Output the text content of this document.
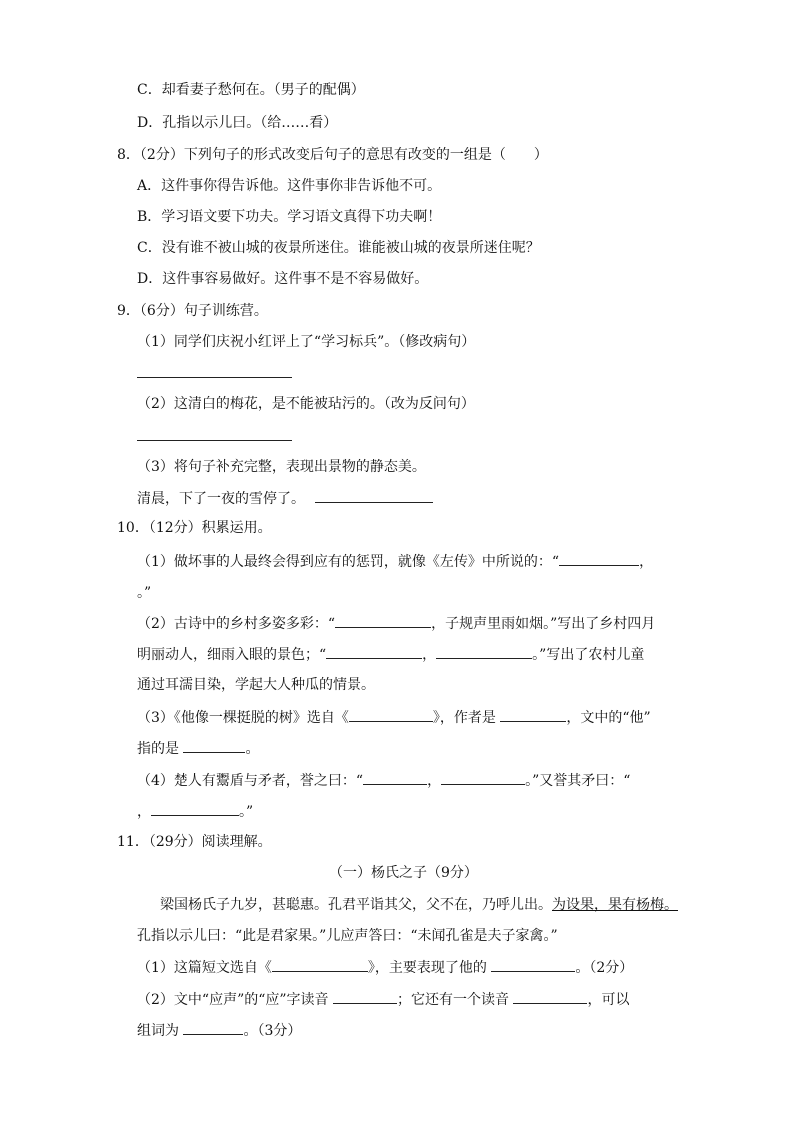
C．却看妻子愁何在。（男子的配偶）
D．孔指以示儿曰。（给……看）
8．（2分）下列句子的形式改变后句子的意思有改变的一组是（　　）
A．这件事你得告诉他。这件事你非告诉他不可。
B．学习语文要下功夫。学习语文真得下功夫啊！
C．没有谁不被山城的夜景所迷住。谁能被山城的夜景所迷住呢？
D．这件事容易做好。这件事不是不容易做好。
9．（6分）句子训练营。
（1）同学们庆祝小红评上了“学习标兵”。（修改病句）
（2）这清白的梅花，是不能被玷污的。（改为反问句）
（3）将句子补充完整，表现出景物的静态美。
清晨，下了一夜的雪停了。
10．（12分）积累运用。
（1）做坏事的人最终会得到应有的惩罚，就像《左传》中所说的：“	，
。”
（2）古诗中的乡村多姿多彩：“	，子规声里雨如烟。”写出了乡村四月
明丽动人，细雨入眼的景色；“	，	。”写出了农村儿童
通过耳濡目染，学起大人种瓜的情景。
（3）《他像一棵挺脱的树》选自《	》，作者是	，文中的“他”
指的是	。
（4）楚人有鬻盾与矛者，誉之曰：“	，	。”又誉其矛曰：“
，	。”
11．（29分）阅读理解。
（一）杨氏之子（9分）
梁国杨氏子九岁，甚聪惠。孔君平诣其父，父不在，乃呼儿出。为设果，果有杨梅。
孔指以示儿曰：“此是君家果。”儿应声答曰：“未闻孔雀是夫子家禽。”
（1）这篇短文选自《	》，主要表现了他的	。（2分）
（2）文中“应声”的“应”字读音	；它还有一个读音	，可以
组词为	。（3分）
